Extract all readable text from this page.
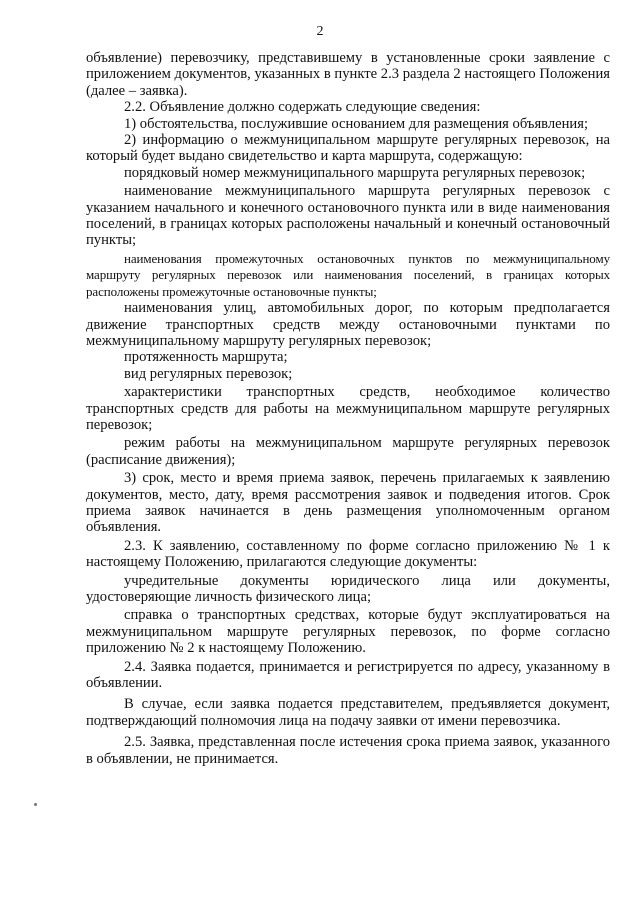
2

объявление) перевозчику, представившему в установленные сроки заявление с приложением документов, указанных в пункте 2.3 раздела 2 настоящего Положения (далее – заявка).

2.2. Объявление должно содержать следующие сведения:

1) обстоятельства, послужившие основанием для размещения объявления;

2) информацию о межмуниципальном маршруте регулярных перевозок, на который будет выдано свидетельство и карта маршрута, содержащую:

порядковый номер межмуниципального маршрута регулярных перевозок;

наименование межмуниципального маршрута регулярных перевозок с указанием начального и конечного остановочного пункта или в виде наименования поселений, в границах которых расположены начальный и конечный остановочный пункты;

наименования промежуточных остановочных пунктов по межмуниципальному маршруту регулярных перевозок или наименования поселений, в границах которых расположены промежуточные остановочные пункты;

наименования улиц, автомобильных дорог, по которым предполагается движение транспортных средств между остановочными пунктами по межмуниципальному маршруту регулярных перевозок;

протяженность маршрута;

вид регулярных перевозок;

характеристики транспортных средств, необходимое количество транспортных средств для работы на межмуниципальном маршруте регулярных перевозок;

режим работы на межмуниципальном маршруте регулярных перевозок (расписание движения);

3) срок, место и время приема заявок, перечень прилагаемых к заявлению документов, место, дату, время рассмотрения заявок и подведения итогов. Срок приема заявок начинается в день размещения уполномоченным органом объявления.

2.3. К заявлению, составленному по форме согласно приложению № 1 к настоящему Положению, прилагаются следующие документы:

учредительные документы юридического лица или документы, удостоверяющие личность физического лица;

справка о транспортных средствах, которые будут эксплуатироваться на межмуниципальном маршруте регулярных перевозок, по форме согласно приложению № 2 к настоящему Положению.

2.4. Заявка подается, принимается и регистрируется по адресу, указанному в объявлении.

В случае, если заявка подается представителем, предъявляется документ, подтверждающий полномочия лица на подачу заявки от имени перевозчика.

2.5. Заявка, представленная после истечения срока приема заявок, указанного в объявлении, не принимается.
